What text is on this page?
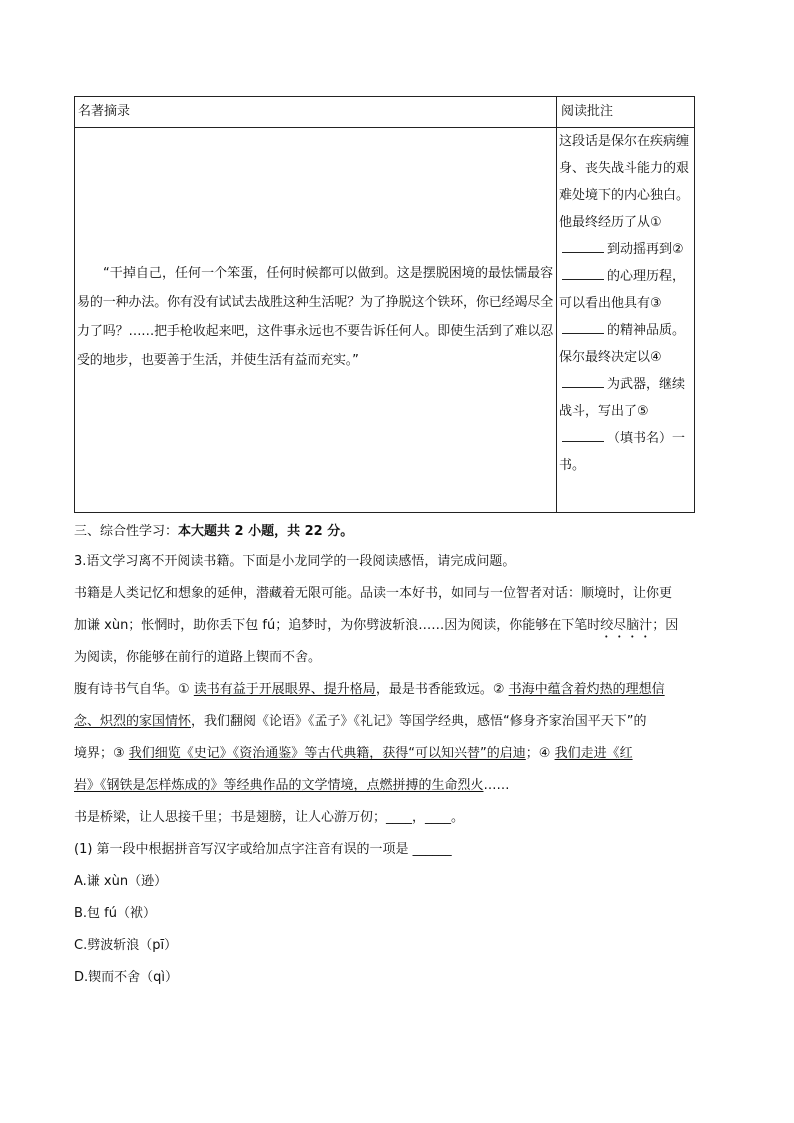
名著摘录	阅读批注
“干掉自己，任何一个笨蛋，任何时候都可以做到。这是摆脱困境的最怯懦最容易的一种办法。你有没有试试去战胜这种生活呢？为了挣脱这个铁环，你已经竭尽全力了吗？……把手枪收起来吧，这件事永远也不要告诉任何人。即使生活到了难以忍受的地步，也要善于生活，并使生活有益而充实。”
这段话是保尔在疾病缠身、丧失战斗能力的艰难处境下的内心独白。他最终经历了从①到动摇再到②的心理历程，可以看出他具有③
的精神品质。
保尔最终决定以④
为武器，继续战斗，写出了⑤
（填书名）一书。
三、综合性学习：本大题共 2 小题，共 22 分。
3.语文学习离不开阅读书籍。下面是小龙同学的一段阅读感悟，请完成问题。
书籍是人类记忆和想象的延伸，潜藏着无限可能。品读一本好书，如同与一位智者对话：顺境时，让你更
加谦 xùn；怅惘时，助你丢下包 fú；追梦时，为你劈波斩浪……因为阅读，你能够在下笔时绞尽脑汁；因
为阅读，你能够在前行的道路上锲而不舍。
腹有诗书气自华。① 读书有益于开展眼界、提升格局，最是书香能致远。② 书海中蕴含着灼热的理想信
念、炽烈的家国情怀，我们翻阅《论语》《孟子》《礼记》等国学经典，感悟“修身齐家治国平天下”的
境界；③ 我们细览《史记》《资治通鉴》等古代典籍，获得“可以知兴替”的启迪；④ 我们走进《红
岩》《钢铁是怎样炼成的》等经典作品的文学情境，点燃拼搏的生命烈火……
书是桥梁，让人思接千里；书是翅膀，让人心游万仞；____，____。
(1) 第一段中根据拼音写汉字或给加点字注音有误的一项是 ______
A.谦 xùn（逊）
B.包 fú（袱）
C.劈波斩浪（pī）
D.锲而不舍（qì）
